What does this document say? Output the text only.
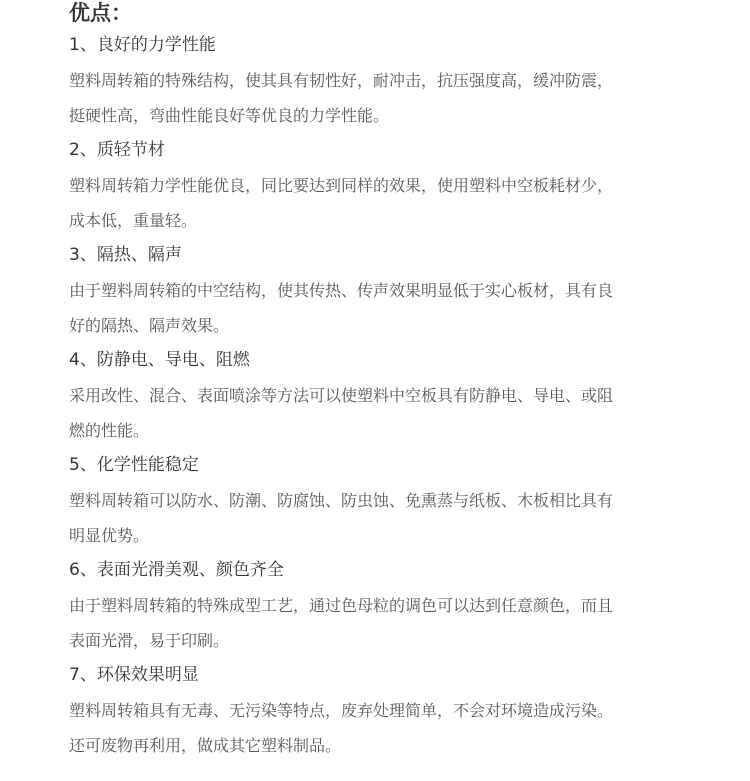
优点：
1、良好的力学性能
塑料周转箱的特殊结构，使其具有韧性好，耐冲击，抗压强度高，缓冲防震，
挺硬性高，弯曲性能良好等优良的力学性能。
2、质轻节材
塑料周转箱力学性能优良，同比要达到同样的效果，使用塑料中空板耗材少，
成本低，重量轻。
3、隔热、隔声
由于塑料周转箱的中空结构，使其传热、传声效果明显低于实心板材，具有良
好的隔热、隔声效果。
4、防静电、导电、阻燃
采用改性、混合、表面喷涂等方法可以使塑料中空板具有防静电、导电、或阻
燃的性能。
5、化学性能稳定
塑料周转箱可以防水、防潮、防腐蚀、防虫蚀、免熏蒸与纸板、木板相比具有
明显优势。
6、表面光滑美观、颜色齐全
由于塑料周转箱的特殊成型工艺，通过色母粒的调色可以达到任意颜色，而且
表面光滑，易于印刷。
7、环保效果明显
塑料周转箱具有无毒、无污染等特点，废弃处理简单，不会对环境造成污染。
还可废物再利用，做成其它塑料制品。
